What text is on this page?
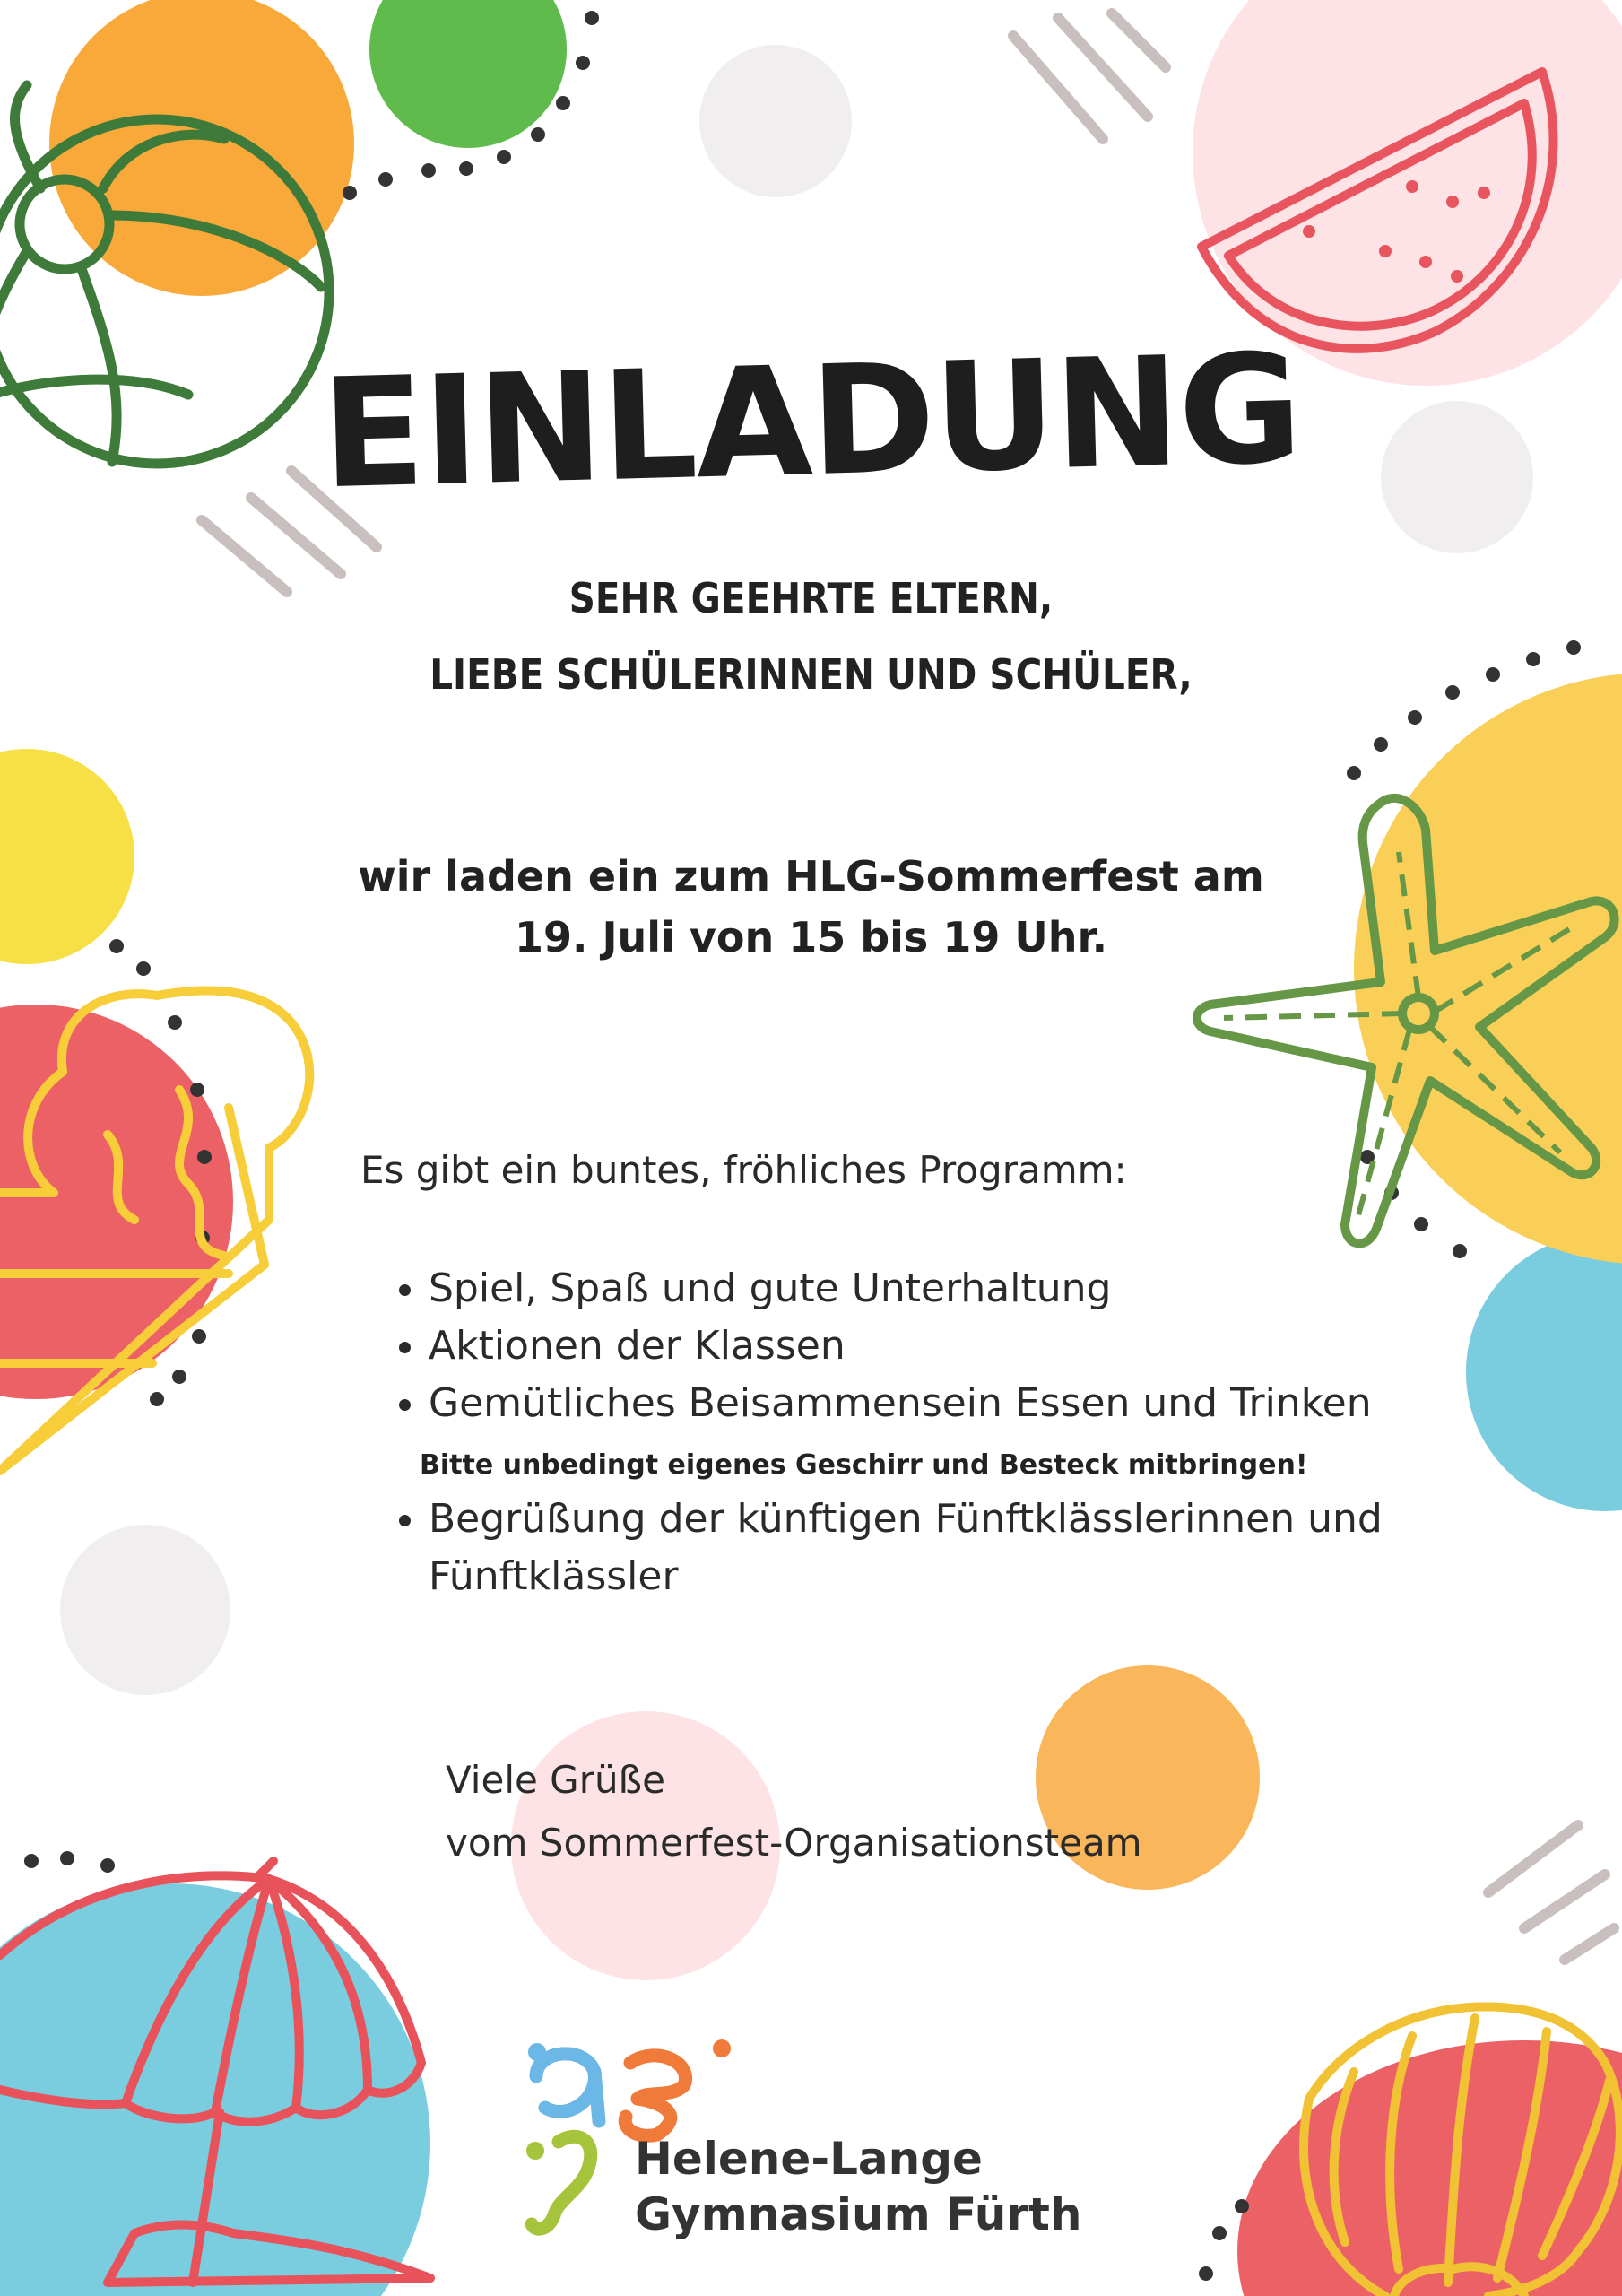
EINLADUNG
SEHR GEEHRTE ELTERN,
LIEBE SCHÜLERINNEN UND SCHÜLER,
wir laden ein zum HLG-Sommerfest am
19. Juli von 15 bis 19 Uhr.
Es gibt ein buntes, fröhliches Programm:
• Spiel, Spaß und gute Unterhaltung
• Aktionen der Klassen
• Gemütliches Beisammensein Essen und Trinken
Bitte unbedingt eigenes Geschirr und Besteck mitbringen!
• Begrüßung der künftigen Fünftklässlerinnen und Fünftklässler
Viele Grüße
vom Sommerfest-Organisationsteam
Helene-Lange
Gymnasium Fürth
